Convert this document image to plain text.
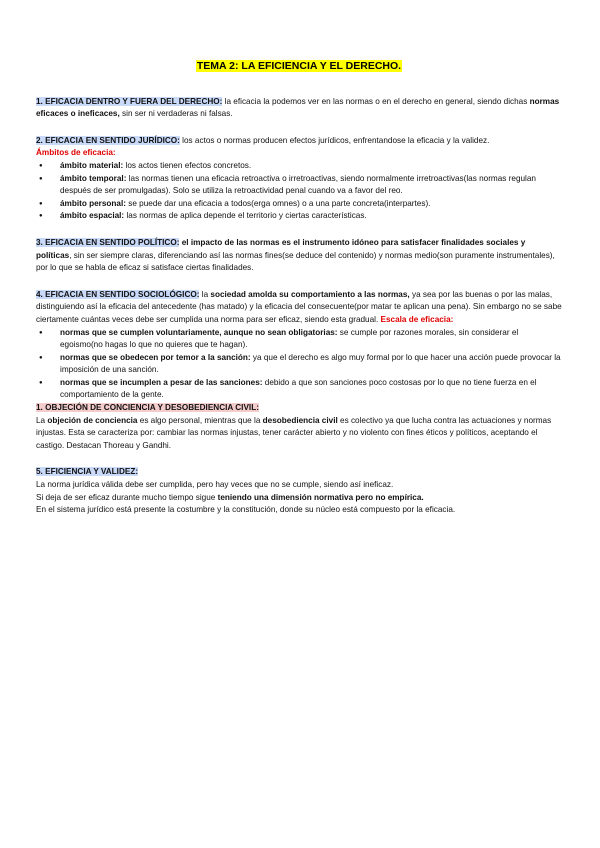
TEMA 2: LA EFICIENCIA Y EL DERECHO.

1. EFICACIA DENTRO Y FUERA DEL DERECHO: la eficacia la podemos ver en las normas o en el derecho en general, siendo dichas normas eficaces o ineficaces, sin ser ni verdaderas ni falsas.

2. EFICACIA EN SENTIDO JURÍDICO: los actos o normas producen efectos jurídicos, enfrentandose la eficacia y la validez.

Ámbitos de eficacia:

● ámbito material: los actos tienen efectos concretos.
● ámbito temporal: las normas tienen una eficacia retroactiva o irretroactivas, siendo normalmente irretroactivas(las normas regulan después de ser promulgadas). Solo se utiliza la retroactividad penal cuando va a favor del reo.
● ámbito personal: se puede dar una eficacia a todos(erga omnes) o a una parte concreta(interpartes).
● ámbito espacial: las normas de aplica depende el territorio y ciertas características.

3. EFICACIA EN SENTIDO POLÍTICO: el impacto de las normas es el instrumento idóneo para satisfacer finalidades sociales y políticas, sin ser siempre claras, diferenciando así las normas fines(se deduce del contenido) y normas medio(son puramente instrumentales), por lo que se habla de eficaz si satisface ciertas finalidades.

4. EFICACIA EN SENTIDO SOCIOLÓGICO: la sociedad amolda su comportamiento a las normas, ya sea por las buenas o por las malas, distinguiendo así la eficacia del antecedente (has matado) y la eficacia del consecuente(por matar te aplican una pena). Sin embargo no se sabe ciertamente cuántas veces debe ser cumplida una norma para ser eficaz, siendo esta gradual. Escala de eficacia:

● normas que se cumplen voluntariamente, aunque no sean obligatorias: se cumple por razones morales, sin considerar el egoismo(no hagas lo que no quieres que te hagan).
● normas que se obedecen por temor a la sanción: ya que el derecho es algo muy formal por lo que hacer una acción puede provocar la imposición de una sanción.
● normas que se incumplen a pesar de las sanciones: debido a que son sanciones poco costosas por lo que no tiene fuerza en el comportamiento de la gente.

1. OBJECIÓN DE CONCIENCIA Y DESOBEDIENCIA CIVIL:

La objeción de conciencia es algo personal, mientras que la desobediencia civil es colectivo ya que lucha contra las actuaciones y normas injustas. Esta se caracteriza por: cambiar las normas injustas, tener carácter abierto y no violento con fines éticos y políticos, aceptando el castigo. Destacan Thoreau y Gandhi.

5. EFICIENCIA Y VALIDEZ:

La norma jurídica válida debe ser cumplida, pero hay veces que no se cumple, siendo así ineficaz.

Si deja de ser eficaz durante mucho tiempo sigue teniendo una dimensión normativa pero no empírica.

En el sistema jurídico está presente la costumbre y la constitución, donde su núcleo está compuesto por la eficacia.
